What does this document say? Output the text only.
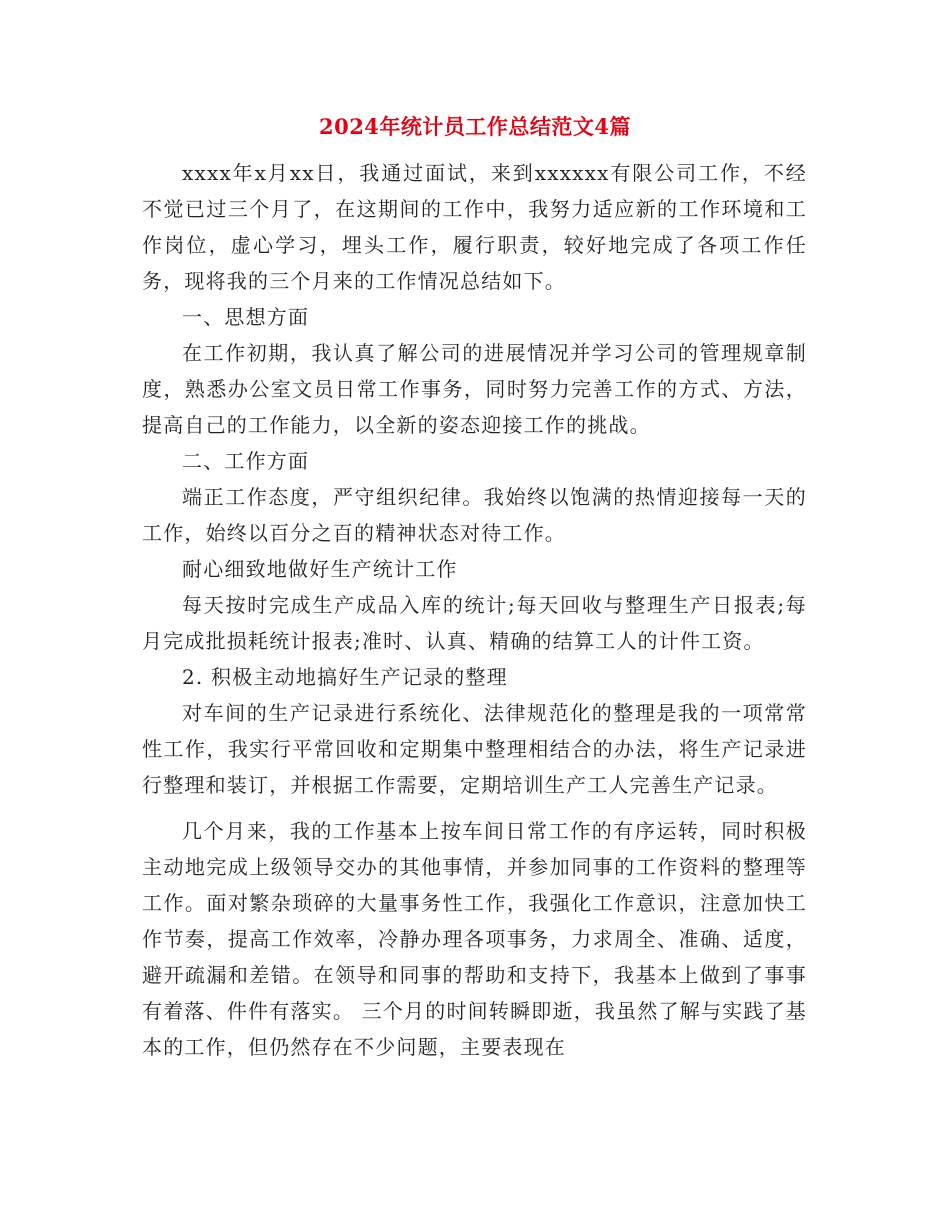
2024年统计员工作总结范文4篇

xxxx年x月xx日，我通过面试，来到xxxxxx有限公司工作，不经不觉已过三个月了，在这期间的工作中，我努力适应新的工作环境和工作岗位，虚心学习，埋头工作，履行职责，较好地完成了各项工作任务，现将我的三个月来的工作情况总结如下。

一、思想方面

在工作初期，我认真了解公司的进展情况并学习公司的管理规章制度，熟悉办公室文员日常工作事务，同时努力完善工作的方式、方法，提高自己的工作能力，以全新的姿态迎接工作的挑战。

二、工作方面

端正工作态度，严守组织纪律。我始终以饱满的热情迎接每一天的工作，始终以百分之百的精神状态对待工作。

耐心细致地做好生产统计工作

每天按时完成生产成品入库的统计;每天回收与整理生产日报表;每月完成批损耗统计报表;准时、认真、精确的结算工人的计件工资。

2. 积极主动地搞好生产记录的整理

对车间的生产记录进行系统化、法律规范化的整理是我的一项常常性工作，我实行平常回收和定期集中整理相结合的办法，将生产记录进行整理和装订，并根据工作需要，定期培训生产工人完善生产记录。

几个月来，我的工作基本上按车间日常工作的有序运转，同时积极主动地完成上级领导交办的其他事情，并参加同事的工作资料的整理等工作。面对繁杂琐碎的大量事务性工作，我强化工作意识，注意加快工作节奏，提高工作效率，冷静办理各项事务，力求周全、准确、适度，避开疏漏和差错。在领导和同事的帮助和支持下，我基本上做到了事事有着落、件件有落实。 三个月的时间转瞬即逝，我虽然了解与实践了基本的工作，但仍然存在不少问题，主要表现在
